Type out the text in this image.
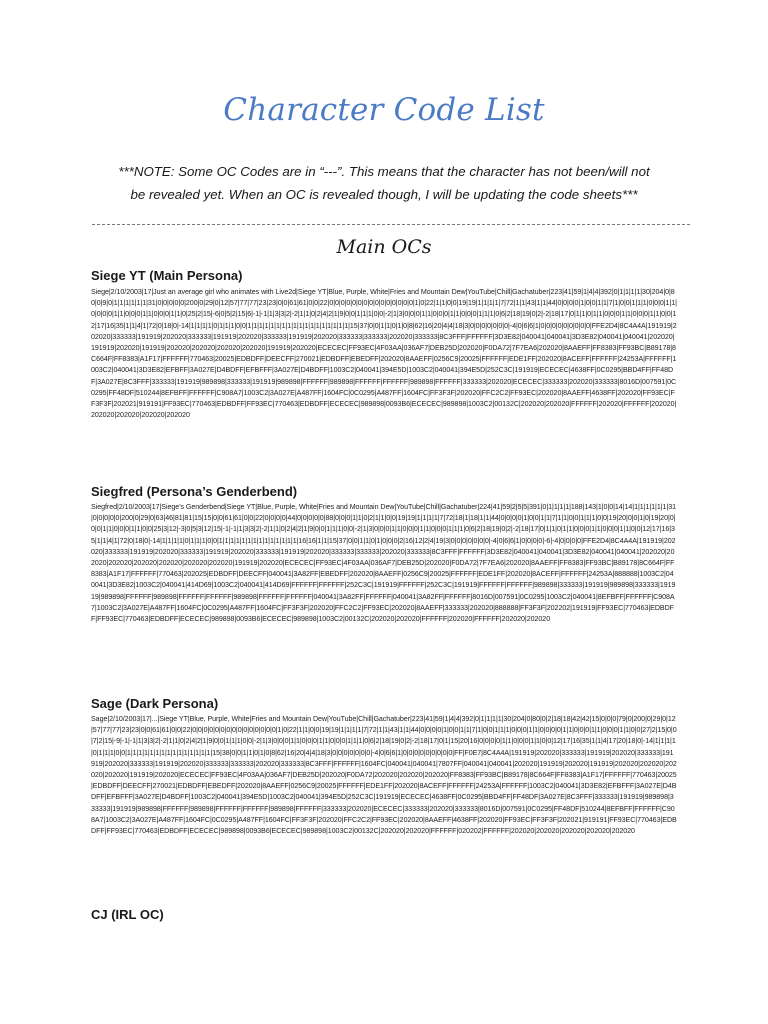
Character Code List
***NOTE: Some OC Codes are in “---”. This means that the character has not been/will not
be revealed yet. When an OC is revealed though, I will be updating the code sheets***
Main OCs
Siege YT (Main Persona)
Siege|2/10/2003|17|Just an average girl who animates with Live2d|Siege YT|Blue, Purple, White|Fries and Mountain Dew|YouTube|Chill|Gachatuber|223|41|59|1|4|4|392|0|1|1|1|1|30|204|0|80|0|9|0|1|1|1|1|1|1|31|0|0|0|0|0|200|0|29|0|12|57|77|77|23|23|0|0|61|61|0|0|22|0|0|0|0|0|0|0|0|0|0|0|0|0|0|0|1|0|22|1|1|0|0|19|19|1|1|1|1|7|72|1|1|43|1|1|44|0|0|0|0|1|0|0|1|1|7|1|0|0|1|1|1|0|0|0|1|1|0|0|0|0|1|1|0|0|0|1|1|0|0|0|1|1|0|25|2|15|-6|0|5|2|15|6|-1|-1|1|3|3|2|-2|1|1|0|2|4|2|1|9|0|0|1|1|1|0|0|-2|1|3|0|0|0|1|1|0|0|0|1|1|0|0|0|1|1|1|0|6|2|18|19|0|2|-2|18|17|0|1|1|0|1|1|0|0|0|1|1|0|0|0|1|1|0|0|12|17|16|35|1|1|4|1|72|0|18|0|-14|1|1|1|1|0|1|1|1|0|0|1|1|1|1|1|1|1|1|1|1|1|1|1|1|1|1|1|1|15|37|0|0|1|1|0|1|0|8|62|16|20|4|4|18|3|0|0|0|0|0|0|0|-4|0|6|6|1|0|0|0|0|0|0|0|0|0|FFE2D4|8C4A4A|191919|202020|333333|191919|202020|333333|191919|202020|333333|191919|202020|333333|333333|202020|333333|8C3FFF|FFFFFF|3D3E82|040041|040041|3D3E82|040041|040041|202020|191919|202020|191919|202020|202020|202020|202020|191919|202020|ECECEC|FF93EC|4F03AA|036AF7|DEB25D|202020|F0DA72|7F7EA6|202020|8AAEFF|FF8383|FF93BC|B89178|8C664F|FF8383|A1F17|FFFFFF|770463|20025|EDBDFF|DEECFF|270021|EDBDFF|EBEDFF|202020|8AAEFF|0256C9|20025|FFFFFF|EDE1FF|202020|8ACEFF|FFFFFF|24253A|FFFFFF|1003C2|040041|3D3E82|EFBFF|3A027E|D4BDFF|EFBFFF|3A027E|D4BDFF|1003C2|040041|394E5D|1003C2|040041|394E5D|252C3C|191919|ECECEC|4638FF|0C0295|BBD4FF|FF48DF|3A027E|8C3FFF|333333|191919|989898|333333|191919|989898|FFFFFF|989898|FFFFFF|FFFFFF|989898|FFFFFF|333333|202020|ECECEC|333333|202020|333333|8016D|007591|0C0295|FF48DF|510244|8EFBFF|FFFFFF|C908A7|1003C2|3A027E|A487FF|1604FC|0C0295|A487FF|1604FC|FF3F3F|202020|FFC2C2|FF93EC|202020|8AAEFF|4638FF|202020|FF93EC|FF3F3F|202021|919191|FF93EC|770463|EDBDFF|FF93EC|770463|EDBDFF|ECECEC|989898|0093B6|ECECEC|989898|1003C2|00132C|202020|202020|FFFFFF|202020|FFFFFF|202020|202020|202020|202020|202020
Siegfred (Persona’s Genderbend)
Siegfred|2/10/2003|17|Siege's Genderbend|Siege YT|Blue, Purple, White|Fries and Mountain Dew|YouTube|Chill|Gachatuber|224|41|59|2|5|5|391|0|1|1|1|1|188|143|1|0|0|14|14|1|1|1|1|1|1|31|0|0|0|0|0|200|0|29|0|63|46|81|81|15|15|0|0|61|61|0|0|22|0|0|0|0|44|0|0|0|0|0|88|0|0|0|1|1|0|2|1|1|0|0|19|19|1|1|1|1|7|72|18|1|18|1|1|44|0|0|0|0|1|0|0|1|1|7|1|1|0|0|1|1|1|0|0|19|20|0|0|1|0|19|20|0|0|0|1|1|0|0|0|1|1|0|0|25|3|12|-3|0|5|3|12|15|-1|-1|1|3|3|2|-2|1|1|0|2|4|2|1|9|0|0|1|1|1|0|0|-2|1|3|0|0|0|1|1|0|0|0|1|1|0|0|0|1|1|1|0|6|2|18|19|0|2|-2|18|17|0|1|1|0|1|1|0|0|0|1|1|0|0|0|1|1|0|0|12|17|16|35|1|1|4|1|72|0|18|0|-14|1|1|1|1|0|1|1|1|0|0|1|1|1|1|1|1|1|1|1|1|1|1|1|1|16|16|1|1|15|37|0|0|1|1|0|1|0|0|0|2|16|12|2|4|19|3|0|0|0|0|0|0|0|-4|0|6|6|1|0|0|0|0|-6|-4|0|0|0|0|FFE2D4|8C4A4A|191919|202020|333333|191919|202020|333333|191919|202020|333333|191919|202020|333333|333333|202020|333333|8C3FFF|FFFFFF|3D3E82|040041|040041|3D3E82|040041|040041|202020|202020|202020|202020|202020|202020|202020|191919|202020|ECECEC|FF93EC|4F03AA|036AF7|DEB25D|202020|F0DA72|7F7EA6|202020|8AAEFF|FF8383|FF93BC|B89178|8C664F|FF8383|A1F17|FFFFFF|770463|202025|EDBDFF|DEECFF|040041|3A82FF|EBEDFF|202020|8AAEFF|0256C9|20025|FFFFFF|EDE1FF|202020|8ACEFF|FFFFFF|24253A|888888|1003C2|040041|3D3E82|1003C2|040041|414D69|1003C2|040041|414D69|FFFFFF|FFFFFF|252C3C|191919|FFFFFF|252C3C|191919|FFFFFF|FFFFFF|989898|333333|191919|989898|333333|191919|989898|FFFFFF|989898|FFFFFF|FFFFFF|989898|FFFFFF|FFFFFF|040041|3A82FF|FFFFFF|040041|3A82FF|FFFFFF|8016D|007591|0C0295|1003C2|040041|8EFBFF|FFFFFF|C908A7|1003C2|3A027E|A487FF|1604FC|0C0295|A487FF|1604FC|FF3F3F|202020|FFC2C2|FF93EC|202020|8AAEFF|333333|202020|888888|FF3F3F|202202|191919|FF93EC|770463|EDBDFF|FF93EC|770463|EDBDFF|ECECEC|989898|0093B6|ECECEC|989898|1003C2|00132C|202020|202020|FFFFFF|202020|FFFFFF|202020|202020
Sage (Dark Persona)
Sage|2/10/2003|17|...|Siege YT|Blue, Purple, White|Fries and Mountain Dew|YouTube|Chill|Gachatuber|223|41|59|1|4|4|392|0|1|1|1|1|30|204|0|80|0|2|18|18|42|42|15|0|0|0|79|0|200|0|29|0|12|57|77|77|23|23|0|0|61|61|0|0|22|0|0|0|0|0|0|0|0|0|0|0|0|0|0|0|1|0|22|1|1|0|0|19|19|1|1|1|1|7|72|1|1|43|1|1|44|0|0|0|0|1|0|0|1|1|7|1|0|0|1|1|1|0|0|0|1|1|0|0|0|0|1|1|0|0|0|1|1|0|0|0|1|1|0|0|27|2|15|0|0|7|2|15|-9|-1|-1|1|3|3|2|-2|1|1|0|2|4|2|1|9|0|0|1|1|1|0|0|-2|1|3|0|0|0|1|1|0|0|0|1|1|0|0|0|1|1|1|0|6|2|18|19|0|2|-2|18|17|0|1|15|20|16|0|0|0|0|1|1|0|0|0|1|1|0|0|12|17|16|35|1|1|4|17|20|18|0|-14|1|1|1|1|0|1|1|1|0|0|1|1|1|1|1|1|1|1|1|1|1|1|1|1|1|15|38|0|0|1|1|0|1|0|8|62|16|20|4|4|18|3|0|0|0|0|0|0|0|-4|0|6|6|1|0|0|0|0|0|0|0|0|0|FF|F0E7|8C4A4A|191919|202020|333333|191919|202020|333333|191919|202020|333333|191919|202020|333333|333333|202020|333333|8C3FFF|FFFFFF|1604FC|040041|040041|7807FF|040041|040041|202020|191919|202020|191919|202020|202020|202020|202020|191919|202020|ECECEC|FF93EC|4F03AA|036AF7|DEB25D|202020|F0DA72|202020|202020|202020|FF8383|FF93BC|B89178|8C664F|FF8383|A1F17|FFFFFF|770463|20025|EDBDFF|DEECFF|270021|EDBDFF|EBEDFF|202020|8AAEFF|0256C9|20025|FFFFFF|EDE1FF|202020|8ACEFF|FFFFFF|24253A|FFFFFF|1003C2|040041|3D3E82|EFBFFF|3A027E|D4BDFF|EFBFFF|3A027E|D4BDFF|1003C2|040041|394E5D|1003C2|040041|394E5D|252C3C|191919|ECECEC|4638FF|0C0295|BBD4FF|FF48DF|3A027E|8C3FFF|333333|191919|989898|333333|191919|989898|FFFFFF|989898|FFFFFF|FFFFFF|989898|FFFFFF|333333|202020|ECECEC|333333|202020|333333|8016D|007591|0C0295|FF48DF|510244|8EFBFF|FFFFFF|C908A7|1003C2|3A027E|A487FF|1604FC|0C0295|A487FF|1604FC|FF3F3F|202020|FFC2C2|FF93EC|202020|8AAEFF|4638FF|202020|FF93EC|FF3F3F|202021|919191|FF93EC|770463|EDBDFF|FF93EC|770463|EDBDFF|ECECEC|989898|0093B6|ECECEC|989898|1003C2|00132C|202020|202020|FFFFFF|020202|FFFFFF|202020|202020|202020|202020|202020
CJ (IRL OC)
